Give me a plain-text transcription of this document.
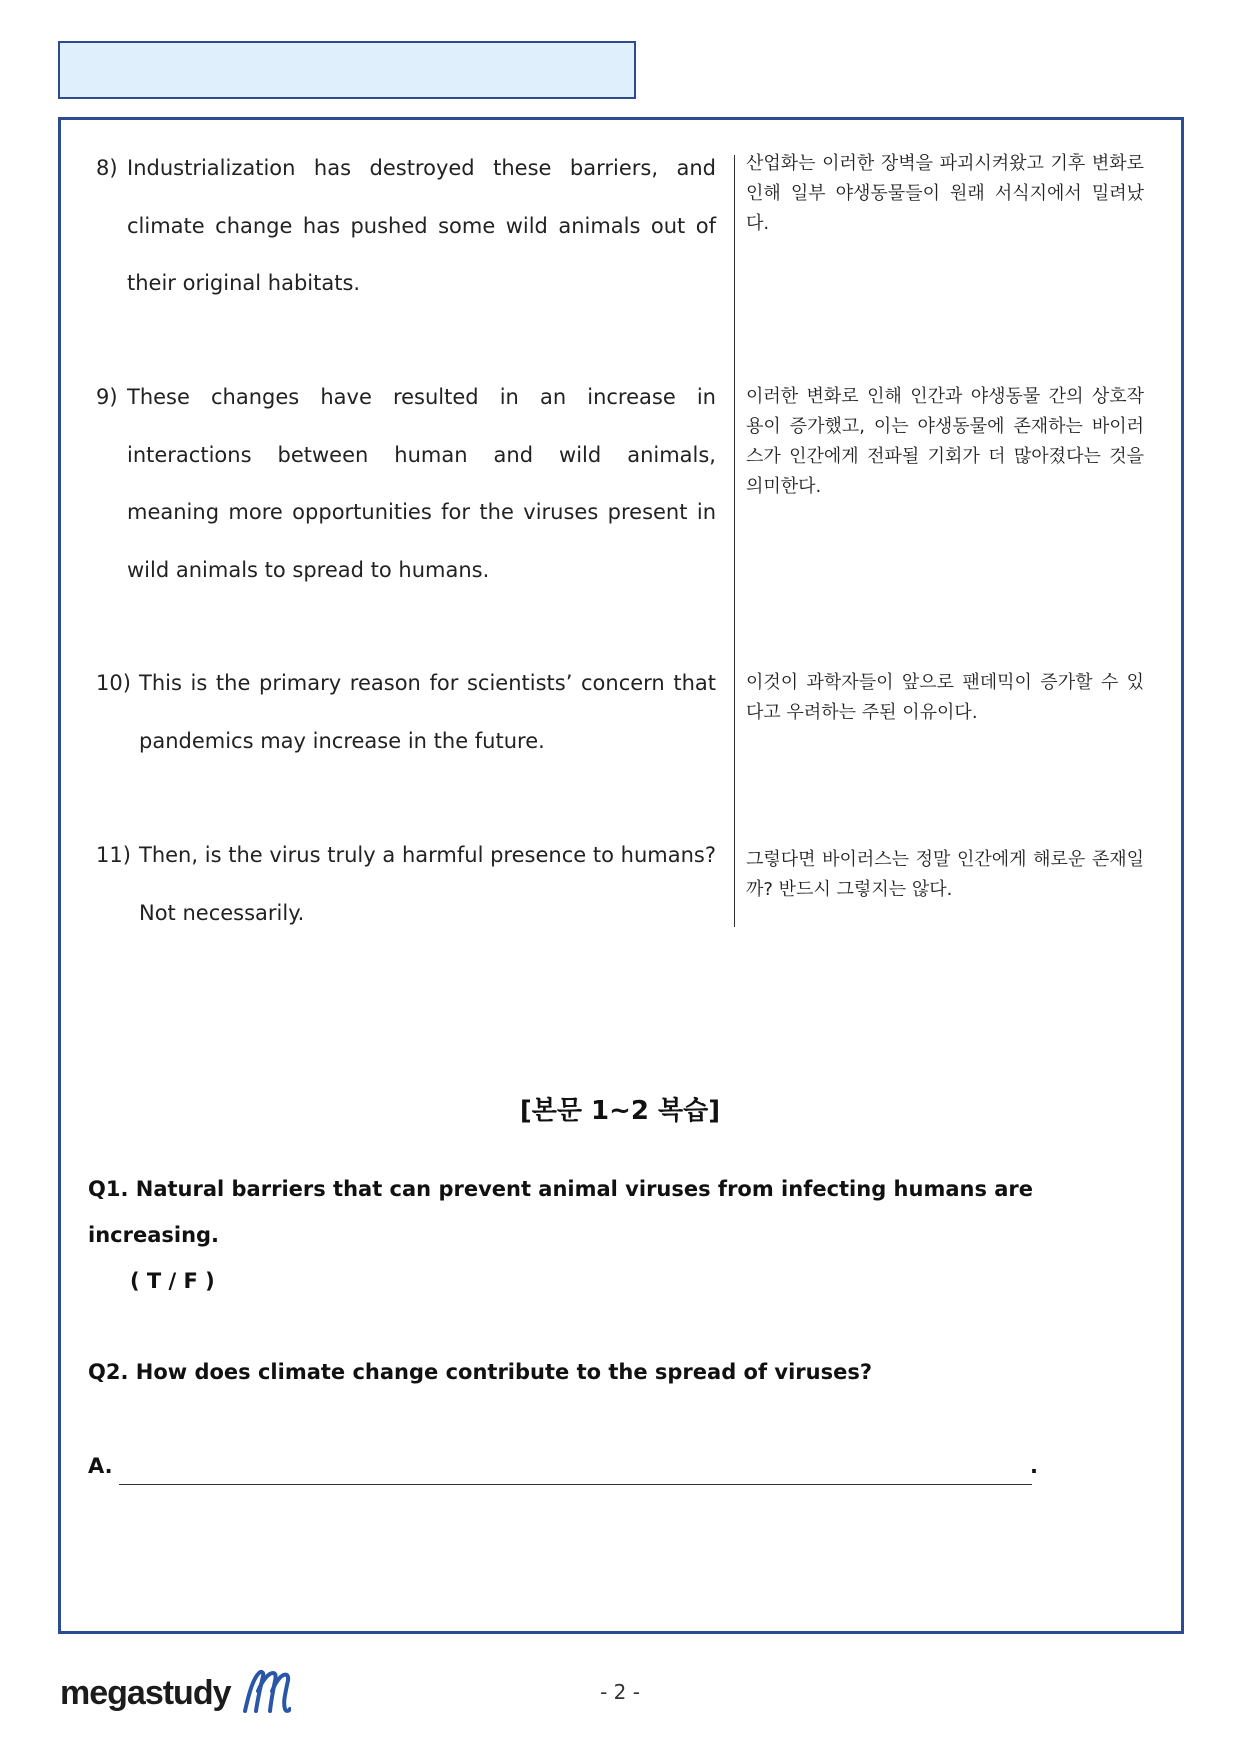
8) Industrialization has destroyed these barriers, and climate change has pushed some wild animals out of their original habitats.
산업화는 이러한 장벽을 파괴시켜왔고 기후 변화로 인해 일부 야생동물들이 원래 서식지에서 밀려났다.
9) These changes have resulted in an increase in interactions between human and wild animals, meaning more opportunities for the viruses present in wild animals to spread to humans.
이러한 변화로 인해 인간과 야생동물 간의 상호작용이 증가했고, 이는 야생동물에 존재하는 바이러스가 인간에게 전파될 기회가 더 많아졌다는 것을 의미한다.
10) This is the primary reason for scientists’ concern that pandemics may increase in the future.
이것이 과학자들이 앞으로 팬데믹이 증가할 수 있다고 우려하는 주된 이유이다.
11) Then, is the virus truly a harmful presence to humans? Not necessarily.
그렇다면 바이러스는 정말 인간에게 해로운 존재일까? 반드시 그렇지는 않다.
[본문 1~2 복습]
Q1. Natural barriers that can prevent animal viruses from infecting humans are increasing.
( T / F )
Q2. How does climate change contribute to the spread of viruses?
A.	.
megastudy	- 2 -
